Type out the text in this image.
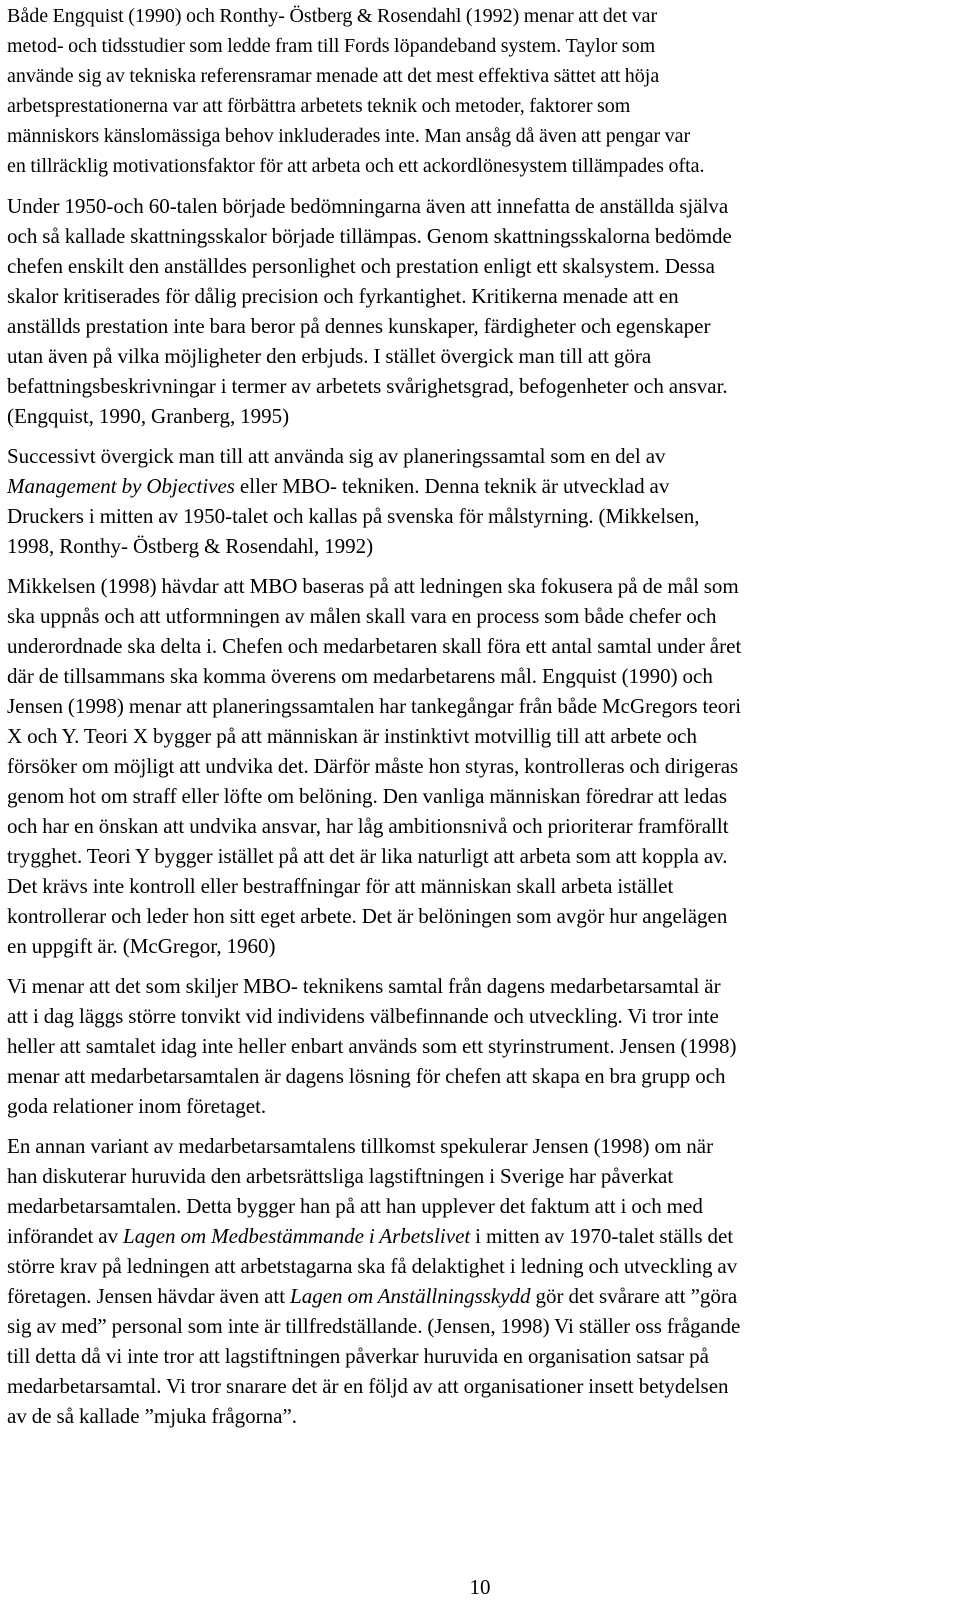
Både Engquist (1990) och Ronthy- Östberg & Rosendahl (1992) menar att det var
metod- och tidsstudier som ledde fram till Fords löpandeband system. Taylor som
använde sig av tekniska referensramar menade att det mest effektiva sättet att höja
arbetsprestationerna var att förbättra arbetets teknik och metoder, faktorer som
människors känslomässiga behov inkluderades inte. Man ansåg då även att pengar var
en tillräcklig motivationsfaktor för att arbeta och ett ackordlönesystem tillämpades ofta.

Under 1950-och 60-talen började bedömningarna även att innefatta de anställda själva
och så kallade skattningsskalor började tillämpas. Genom skattningsskalorna bedömde
chefen enskilt den anställdes personlighet och prestation enligt ett skalsystem. Dessa
skalor kritiserades för dålig precision och fyrkantighet. Kritikerna menade att en
anställds prestation inte bara beror på dennes kunskaper, färdigheter och egenskaper
utan även på vilka möjligheter den erbjuds. I stället övergick man till att göra
befattningsbeskrivningar i termer av arbetets svårighetsgrad, befogenheter och ansvar.
(Engquist, 1990, Granberg, 1995)

Successivt övergick man till att använda sig av planeringssamtal som en del av
Management by Objectives eller MBO- tekniken. Denna teknik är utvecklad av
Druckers i mitten av 1950-talet och kallas på svenska för målstyrning. (Mikkelsen,
1998, Ronthy- Östberg & Rosendahl, 1992)

Mikkelsen (1998) hävdar att MBO baseras på att ledningen ska fokusera på de mål som
ska uppnås och att utformningen av målen skall vara en process som både chefer och
underordnade ska delta i. Chefen och medarbetaren skall föra ett antal samtal under året
där de tillsammans ska komma överens om medarbetarens mål. Engquist (1990) och
Jensen (1998) menar att planeringssamtalen har tankegångar från både McGregors teori
X och Y. Teori X bygger på att människan är instinktivt motvillig till att arbete och
försöker om möjligt att undvika det. Därför måste hon styras, kontrolleras och dirigeras
genom hot om straff eller löfte om belöning. Den vanliga människan föredrar att ledas
och har en önskan att undvika ansvar, har låg ambitionsnivå och prioriterar framförallt
trygghet. Teori Y bygger istället på att det är lika naturligt att arbeta som att koppla av.
Det krävs inte kontroll eller bestraffningar för att människan skall arbeta istället
kontrollerar och leder hon sitt eget arbete. Det är belöningen som avgör hur angelägen
en uppgift är. (McGregor, 1960)

Vi menar att det som skiljer MBO- teknikens samtal från dagens medarbetarsamtal är
att i dag läggs större tonvikt vid individens välbefinnande och utveckling. Vi tror inte
heller att samtalet idag inte heller enbart används som ett styrinstrument. Jensen (1998)
menar att medarbetarsamtalen är dagens lösning för chefen att skapa en bra grupp och
goda relationer inom företaget.

En annan variant av medarbetarsamtalens tillkomst spekulerar Jensen (1998) om när
han diskuterar huruvida den arbetsrättsliga lagstiftningen i Sverige har påverkat
medarbetarsamtalen. Detta bygger han på att han upplever det faktum att i och med
införandet av Lagen om Medbestämmande i Arbetslivet i mitten av 1970-talet ställs det
större krav på ledningen att arbetstagarna ska få delaktighet i ledning och utveckling av
företagen. Jensen hävdar även att Lagen om Anställningsskydd gör det svårare att ”göra
sig av med” personal som inte är tillfredställande. (Jensen, 1998) Vi ställer oss frågande
till detta då vi inte tror att lagstiftningen påverkar huruvida en organisation satsar på
medarbetarsamtal. Vi tror snarare det är en följd av att organisationer insett betydelsen
av de så kallade ”mjuka frågorna”.

10
